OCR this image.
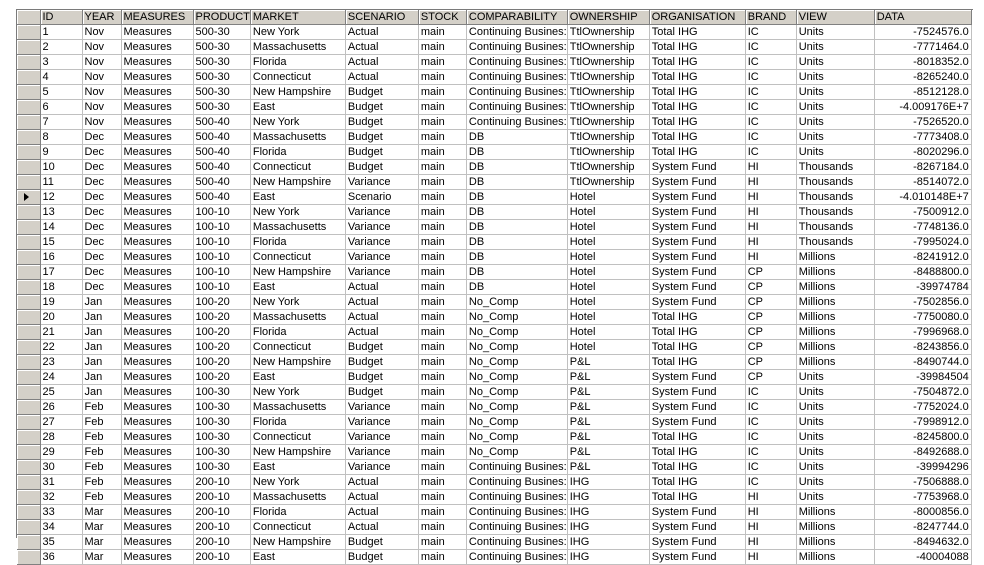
	ID	YEAR	MEASURES	PRODUCT	MARKET	SCENARIO	STOCK	COMPARABILITY	OWNERSHIP	ORGANISATION	BRAND	VIEW	DATA
	1	Nov	Measures	500-30	New York	Actual	main	Continuing Busines:	TtlOwnership	Total IHG	IC	Units	-7524576.0
	2	Nov	Measures	500-30	Massachusetts	Actual	main	Continuing Busines:	TtlOwnership	Total IHG	IC	Units	-7771464.0
	3	Nov	Measures	500-30	Florida	Actual	main	Continuing Busines:	TtlOwnership	Total IHG	IC	Units	-8018352.0
	4	Nov	Measures	500-30	Connecticut	Actual	main	Continuing Busines:	TtlOwnership	Total IHG	IC	Units	-8265240.0
	5	Nov	Measures	500-30	New Hampshire	Budget	main	Continuing Busines:	TtlOwnership	Total IHG	IC	Units	-8512128.0
	6	Nov	Measures	500-30	East	Budget	main	Continuing Busines:	TtlOwnership	Total IHG	IC	Units	-4.009176E+7
	7	Nov	Measures	500-40	New York	Budget	main	Continuing Busines:	TtlOwnership	Total IHG	IC	Units	-7526520.0
	8	Dec	Measures	500-40	Massachusetts	Budget	main	DB	TtlOwnership	Total IHG	IC	Units	-7773408.0
	9	Dec	Measures	500-40	Florida	Budget	main	DB	TtlOwnership	Total IHG	IC	Units	-8020296.0
	10	Dec	Measures	500-40	Connecticut	Budget	main	DB	TtlOwnership	System Fund	HI	Thousands	-8267184.0
	11	Dec	Measures	500-40	New Hampshire	Variance	main	DB	TtlOwnership	System Fund	HI	Thousands	-8514072.0

	12	Dec	Measures	500-40	East	Scenario	main	DB	Hotel	System Fund	HI	Thousands	-4.010148E+7
	13	Dec	Measures	100-10	New York	Variance	main	DB	Hotel	System Fund	HI	Thousands	-7500912.0
	14	Dec	Measures	100-10	Massachusetts	Variance	main	DB	Hotel	System Fund	HI	Thousands	-7748136.0
	15	Dec	Measures	100-10	Florida	Variance	main	DB	Hotel	System Fund	HI	Thousands	-7995024.0
	16	Dec	Measures	100-10	Connecticut	Variance	main	DB	Hotel	System Fund	HI	Millions	-8241912.0
	17	Dec	Measures	100-10	New Hampshire	Variance	main	DB	Hotel	System Fund	CP	Millions	-8488800.0
	18	Dec	Measures	100-10	East	Actual	main	DB	Hotel	System Fund	CP	Millions	-39974784
	19	Jan	Measures	100-20	New York	Actual	main	No_Comp	Hotel	System Fund	CP	Millions	-7502856.0
	20	Jan	Measures	100-20	Massachusetts	Actual	main	No_Comp	Hotel	Total IHG	CP	Millions	-7750080.0
	21	Jan	Measures	100-20	Florida	Actual	main	No_Comp	Hotel	Total IHG	CP	Millions	-7996968.0
	22	Jan	Measures	100-20	Connecticut	Budget	main	No_Comp	Hotel	Total IHG	CP	Millions	-8243856.0
	23	Jan	Measures	100-20	New Hampshire	Budget	main	No_Comp	P&L	Total IHG	CP	Millions	-8490744.0
	24	Jan	Measures	100-20	East	Budget	main	No_Comp	P&L	System Fund	CP	Units	-39984504
	25	Jan	Measures	100-30	New York	Budget	main	No_Comp	P&L	System Fund	IC	Units	-7504872.0
	26	Feb	Measures	100-30	Massachusetts	Variance	main	No_Comp	P&L	System Fund	IC	Units	-7752024.0
	27	Feb	Measures	100-30	Florida	Variance	main	No_Comp	P&L	System Fund	IC	Units	-7998912.0
	28	Feb	Measures	100-30	Connecticut	Variance	main	No_Comp	P&L	Total IHG	IC	Units	-8245800.0
	29	Feb	Measures	100-30	New Hampshire	Variance	main	No_Comp	P&L	Total IHG	IC	Units	-8492688.0
	30	Feb	Measures	100-30	East	Variance	main	Continuing Busines:	P&L	Total IHG	IC	Units	-39994296
	31	Feb	Measures	200-10	New York	Actual	main	Continuing Busines:	IHG	Total IHG	IC	Units	-7506888.0
	32	Feb	Measures	200-10	Massachusetts	Actual	main	Continuing Busines:	IHG	Total IHG	HI	Units	-7753968.0
	33	Mar	Measures	200-10	Florida	Actual	main	Continuing Busines:	IHG	System Fund	HI	Millions	-8000856.0
	34	Mar	Measures	200-10	Connecticut	Actual	main	Continuing Busines:	IHG	System Fund	HI	Millions	-8247744.0
	35	Mar	Measures	200-10	New Hampshire	Budget	main	Continuing Busines:	IHG	System Fund	HI	Millions	-8494632.0
	36	Mar	Measures	200-10	East	Budget	main	Continuing Busines:	IHG	System Fund	HI	Millions	-40004088
